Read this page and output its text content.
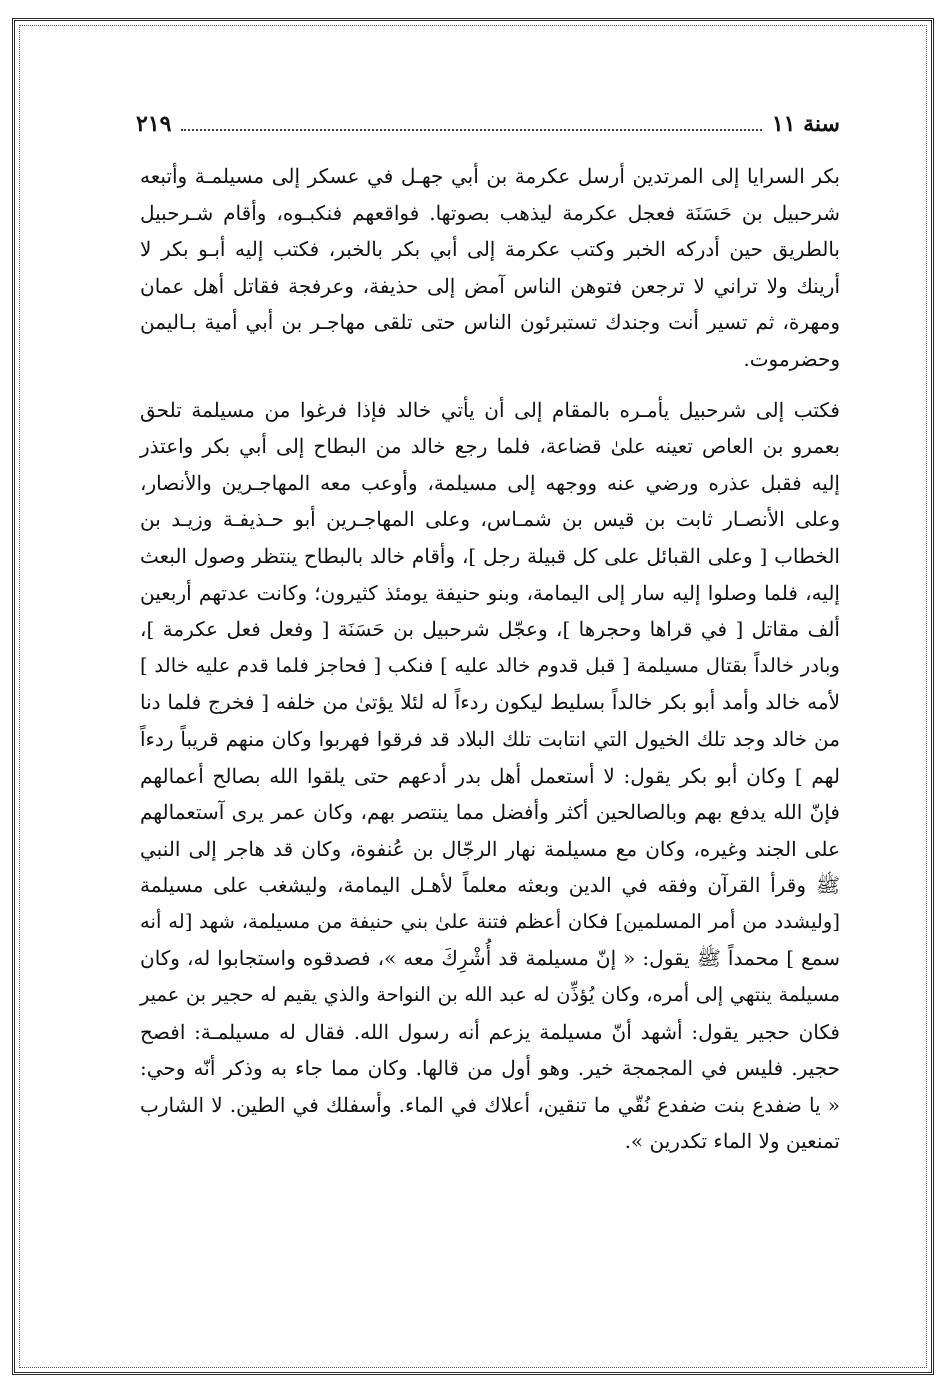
سنة ١١
٢١٩

بكر السرايا إلى المرتدين أرسل عكرمة بن أبي جهـل في عسكر إلى مسيلمـة وأتبعه
شرحبيل بن حَسَنَة فعجل عكرمة ليذهب بصوتها. فواقعهم فنكبـوه، وأقام شـرحبيل
بالطريق حين أدركه الخبر وكتب عكرمة إلى أبي بكر بالخبر، فكتب إليه أبـو بكر لا
أرينك ولا تراني لا ترجعن فتوهن الناس آمض إلى حذيفة، وعرفجة فقاتل أهل عمان
ومهرة، ثم تسير أنت وجندك تستبرئون الناس حتى تلقى مهاجـر بن أبي أمية بـاليمن
وحضرموت.

فكتب إلى شرحبيل يأمـره بالمقام إلى أن يأتي خالد فإذا فرغوا من مسيلمة تلحق
بعمرو بن العاص تعينه علىٰ قضاعة، فلما رجع خالد من البطاح إلى أبي بكر واعتذر
إليه فقبل عذره ورضي عنه ووجهه إلى مسيلمة، وأوعب معه المهاجـرين والأنصار،
وعلى الأنصـار ثابت بن قيس بن شمـاس، وعلى المهاجـرين أبو حـذيفـة وزيـد بن
الخطاب [ وعلى القبائل على كل قبيلة رجل ]، وأقام خالد بالبطاح ينتظر وصول البعث
إليه، فلما وصلوا إليه سار إلى اليمامة، وبنو حنيفة يومئذ كثيرون؛ وكانت عدتهم أربعين
ألف مقاتل [ في قراها وحجرها ]، وعجّل شرحبيل بن حَسَنَة [ وفعل فعل عكرمة ]،
وبادر خالداً بقتال مسيلمة [ قبل قدوم خالد عليه ] فنكب [ فحاجز فلما قدم عليه خالد ]
لأمه خالد وأمد أبو بكر خالداً بسليط ليكون ردءاً له لئلا يؤتىٰ من خلفه [ فخرج فلما دنا
من خالد وجد تلك الخيول التي انتابت تلك البلاد قد فرقوا فهربوا وكان منهم قريباً ردءاً
لهم ] وكان أبو بكر يقول: لا أستعمل أهل بدر أدعهم حتى يلقوا الله بصالح أعمالهم
فإنّ الله يدفع بهم وبالصالحين أكثر وأفضل مما ينتصر بهم، وكان عمر يرى آستعمالهم
على الجند وغيره، وكان مع مسيلمة نهار الرجّال بن عُنفوة، وكان قد هاجر إلى النبي
ﷺ وقرأ القرآن وفقه في الدين وبعثه معلماً لأهـل اليمامة، وليشغب على مسيلمة
[وليشدد من أمر المسلمين] فكان أعظم فتنة علىٰ بني حنيفة من مسيلمة، شهد [له أنه
سمع ] محمداً ﷺ يقول: « إنّ مسيلمة قد أُشْرِكَ معه »، فصدقوه واستجابوا له، وكان
مسيلمة ينتهي إلى أمره، وكان يُؤذِّن له عبد الله بن النواحة والذي يقيم له حجير بن عمير
فكان حجير يقول: أشهد أنّ مسيلمة يزعم أنه رسول الله. فقال له مسيلمـة: افصح
حجير. فليس في المجمجة خير. وهو أول من قالها. وكان مما جاء به وذكر أنّه وحي:
« يا ضفدع بنت ضفدع نُقّي ما تنقين، أعلاك في الماء. وأسفلك في الطين. لا الشارب
تمنعين ولا الماء تكدرين ».
